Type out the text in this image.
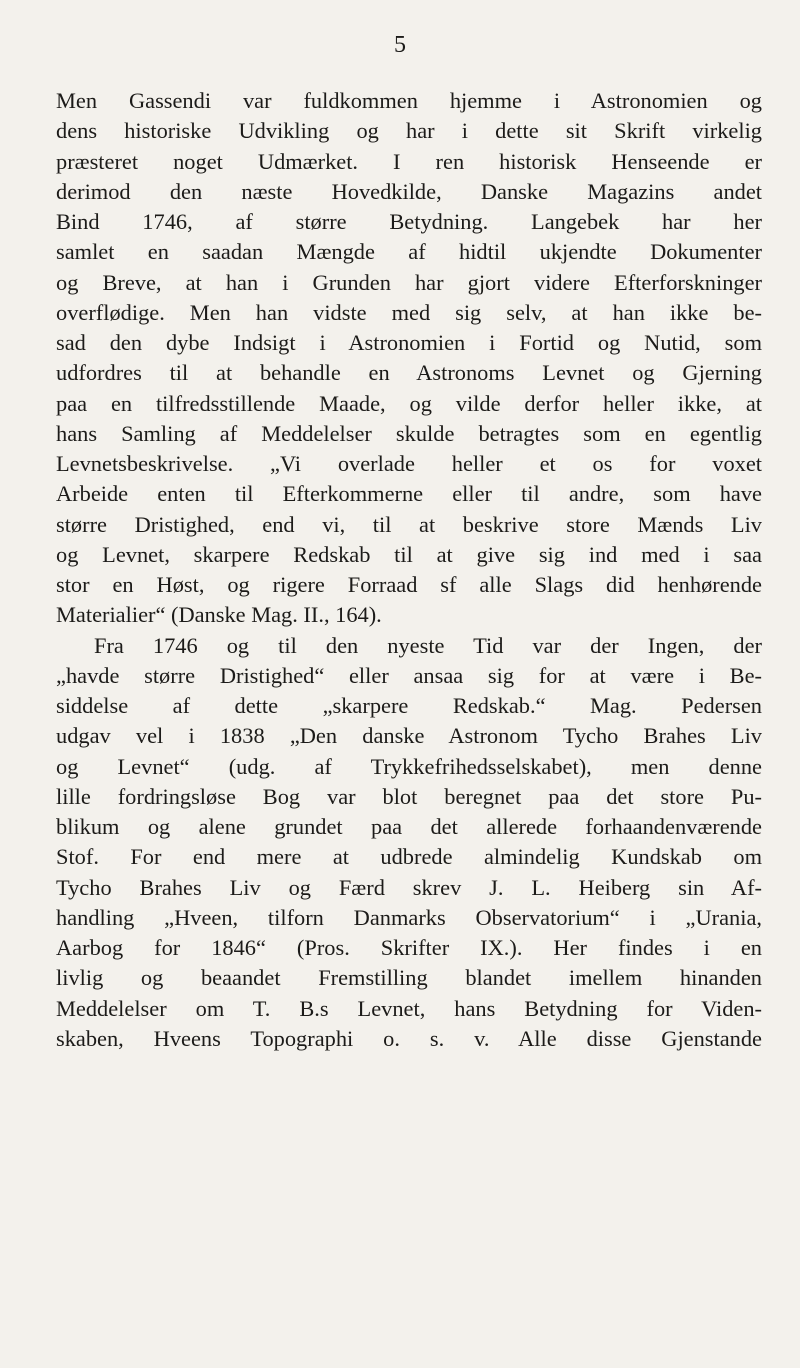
5
Men Gassendi var fuldkommen hjemme i Astronomien og
dens historiske Udvikling og har i dette sit Skrift virkelig
præsteret noget Udmærket. I ren historisk Henseende er
derimod den næste Hovedkilde, Danske Magazins andet
Bind 1746, af større Betydning. Langebek har her
samlet en saadan Mængde af hidtil ukjendte Dokumenter
og Breve, at han i Grunden har gjort videre Efterforskninger
overflødige. Men han vidste med sig selv, at han ikke be-
sad den dybe Indsigt i Astronomien i Fortid og Nutid, som
udfordres til at behandle en Astronoms Levnet og Gjerning
paa en tilfredsstillende Maade, og vilde derfor heller ikke, at
hans Samling af Meddelelser skulde betragtes som en egentlig
Levnetsbeskrivelse. „Vi overlade heller et os for voxet
Arbeide enten til Efterkommerne eller til andre, som have
større Dristighed, end vi, til at beskrive store Mænds Liv
og Levnet, skarpere Redskab til at give sig ind med i saa
stor en Høst, og rigere Forraad sf alle Slags did henhørende
Materialier“ (Danske Mag. II., 164).
Fra 1746 og til den nyeste Tid var der Ingen, der
„havde større Dristighed“ eller ansaa sig for at være i Be-
siddelse af dette „skarpere Redskab.“ Mag. Pedersen
udgav vel i 1838 „Den danske Astronom Tycho Brahes Liv
og Levnet“ (udg. af Trykkefrihedsselskabet), men denne
lille fordringsløse Bog var blot beregnet paa det store Pu-
blikum og alene grundet paa det allerede forhaandenværende
Stof. For end mere at udbrede almindelig Kundskab om
Tycho Brahes Liv og Færd skrev J. L. Heiberg sin Af-
handling „Hveen, tilforn Danmarks Observatorium“ i „Urania,
Aarbog for 1846“ (Pros. Skrifter IX.). Her findes i en
livlig og beaandet Fremstilling blandet imellem hinanden
Meddelelser om T. B.s Levnet, hans Betydning for Viden-
skaben, Hveens Topographi o. s. v. Alle disse Gjenstande
